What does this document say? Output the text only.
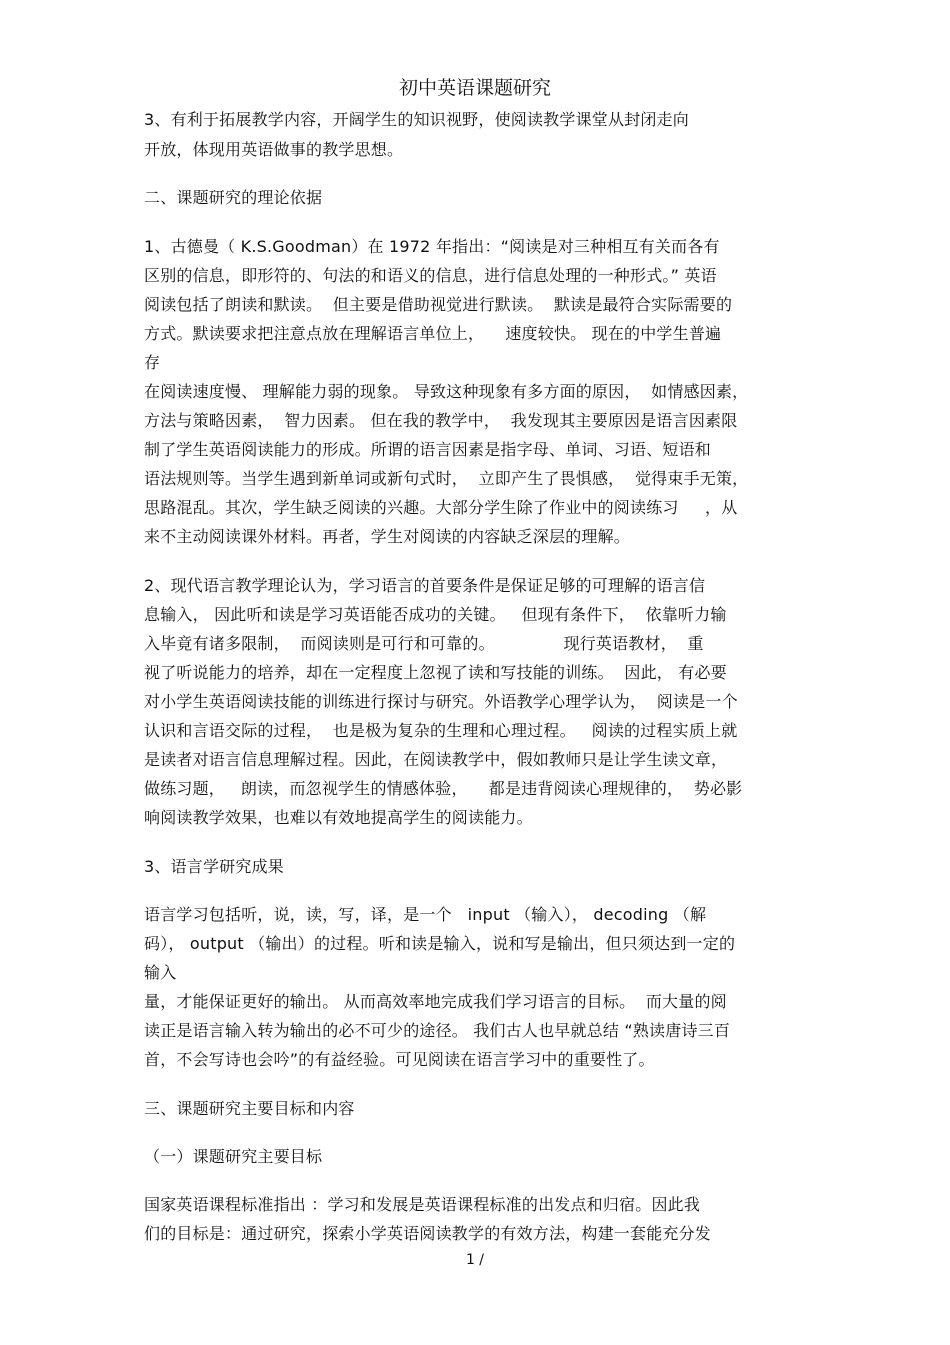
初中英语课题研究
3、有利于拓展教学内容，开阔学生的知识视野，使阅读教学课堂从封闭走向
开放，体现用英语做事的教学思想。
二、课题研究的理论依据
1、古德曼（ K.S.Goodman）在 1972 年指出：“阅读是对三种相互有关而各有
区别的信息，即形符的、句法的和语义的信息，进行信息处理的一种形式。” 英语
阅读包括了朗读和默读。  但主要是借助视觉进行默读。  默读是最符合实际需要的
方式。默读要求把注意点放在理解语言单位上，    速度较快。 现在的中学生普遍
存
在阅读速度慢、 理解能力弱的现象。 导致这种现象有多方面的原因，  如情感因素，
方法与策略因素，  智力因素。 但在我的教学中，  我发现其主要原因是语言因素限
制了学生英语阅读能力的形成。所谓的语言因素是指字母、单词、习语、短语和
语法规则等。当学生遇到新单词或新句式时，  立即产生了畏惧感，  觉得束手无策，
思路混乱。其次，学生缺乏阅读的兴趣。大部分学生除了作业中的阅读练习     ，从
来不主动阅读课外材料。再者，学生对阅读的内容缺乏深层的理解。
2、现代语言教学理论认为，学习语言的首要条件是保证足够的可理解的语言信
息输入， 因此听和读是学习英语能否成功的关键。   但现有条件下，  依靠听力输
入毕竟有诸多限制，  而阅读则是可行和可靠的。             现行英语教材，  重
视了听说能力的培养，却在一定程度上忽视了读和写技能的训练。  因此， 有必要
对小学生英语阅读技能的训练进行探讨与研究。外语教学心理学认为，  阅读是一个
认识和言语交际的过程，  也是极为复杂的生理和心理过程。   阅读的过程实质上就
是读者对语言信息理解过程。因此，在阅读教学中，假如教师只是让学生读文章，
做练习题，   朗读，而忽视学生的情感体验，    都是违背阅读心理规律的，  势必影
响阅读教学效果，也难以有效地提高学生的阅读能力。
3、语言学研究成果
语言学习包括听，说，读，写，译，是一个   input （输入）， decoding （解
码）， output （输出）的过程。听和读是输入，说和写是输出，但只须达到一定的
输入
量，才能保证更好的输出。 从而高效率地完成我们学习语言的目标。  而大量的阅
读正是语言输入转为输出的必不可少的途径。 我们古人也早就总结 “熟读唐诗三百
首，不会写诗也会吟”的有益经验。可见阅读在语言学习中的重要性了。
三、课题研究主要目标和内容
（一）课题研究主要目标
国家英语课程标准指出 ：学习和发展是英语课程标准的出发点和归宿。因此我
们的目标是：通过研究，探索小学英语阅读教学的有效方法，构建一套能充分发
1 /
